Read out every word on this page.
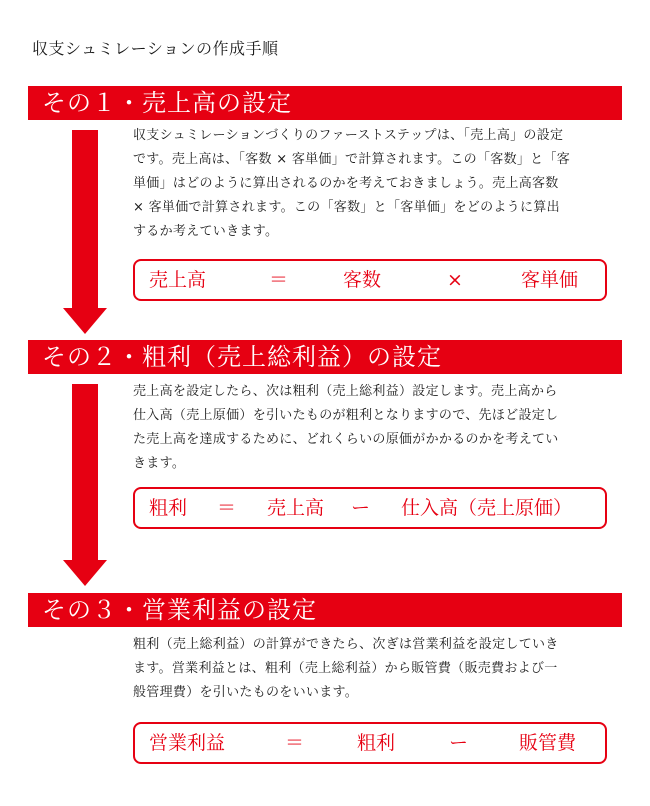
収支シュミレーションの作成手順
その１・売上高の設定
収支シュミレーションづくりのファーストステップは、「売上高」の設定
です。売上高は、「客数 × 客単価」で計算されます。この「客数」と「客
単価」はどのように算出されるのかを考えておきましょう。売上高客数
× 客単価で計算されます。この「客数」と「客単価」をどのように算出
するか考えていきます。
売上高	＝	客数	×	客単価
その２・粗利（売上総利益）の設定
売上高を設定したら、次は粗利（売上総利益）設定します。売上高から
仕入高（売上原価）を引いたものが粗利となりますので、先ほど設定し
た売上高を達成するために、どれくらいの原価がかかるのかを考えてい
きます。
粗利 ＝ 売上高 ー 仕入高（売上原価）
その３・営業利益の設定
粗利（売上総利益）の計算ができたら、次ぎは営業利益を設定していき
ます。営業利益とは、粗利（売上総利益）から販管費（販売費および一
般管理費）を引いたものをいいます。
営業利益	＝	粗利	ー	販管費
